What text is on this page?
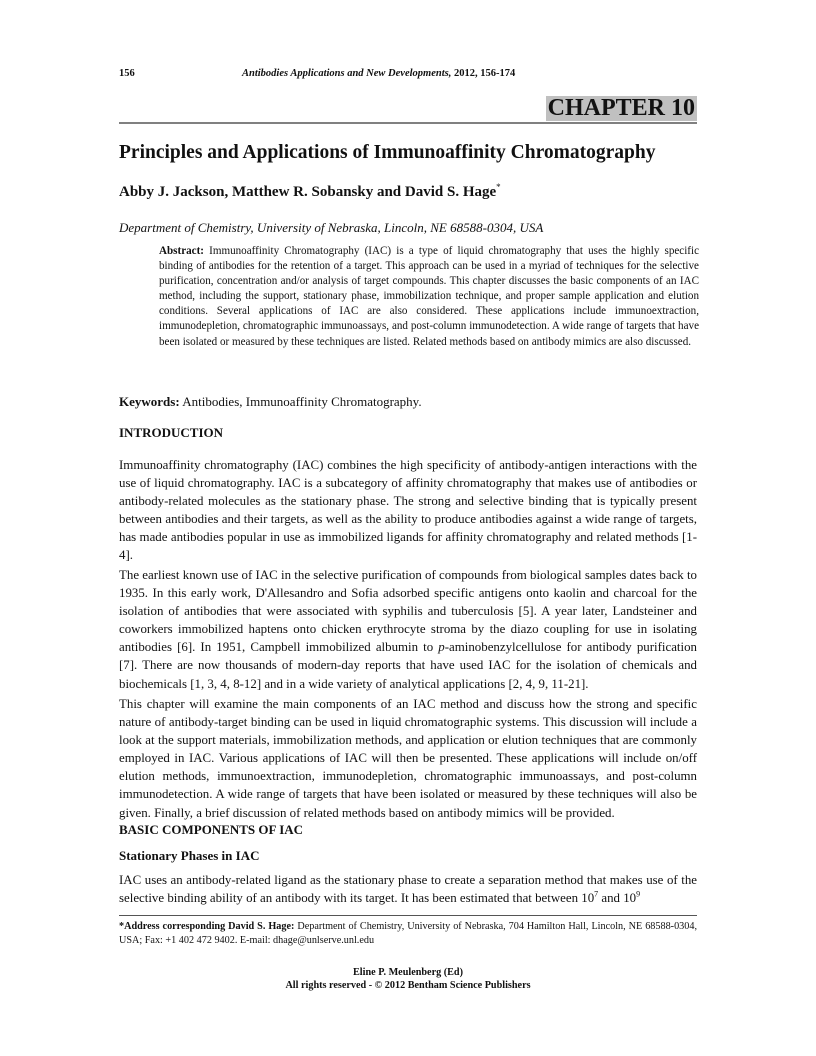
156	Antibodies Applications and New Developments, 2012, 156-174
CHAPTER 10
Principles and Applications of Immunoaffinity Chromatography
Abby J. Jackson, Matthew R. Sobansky and David S. Hage*
Department of Chemistry, University of Nebraska, Lincoln, NE 68588-0304, USA
Abstract: Immunoaffinity Chromatography (IAC) is a type of liquid chromatography that uses the highly specific binding of antibodies for the retention of a target. This approach can be used in a myriad of techniques for the selective purification, concentration and/or analysis of target compounds. This chapter discusses the basic components of an IAC method, including the support, stationary phase, immobilization technique, and proper sample application and elution conditions. Several applications of IAC are also considered. These applications include immunoextraction, immunodepletion, chromatographic immunoassays, and post-column immunodetection. A wide range of targets that have been isolated or measured by these techniques are listed. Related methods based on antibody mimics are also discussed.
Keywords: Antibodies, Immunoaffinity Chromatography.
INTRODUCTION
Immunoaffinity chromatography (IAC) combines the high specificity of antibody-antigen interactions with the use of liquid chromatography. IAC is a subcategory of affinity chromatography that makes use of antibodies or antibody-related molecules as the stationary phase. The strong and selective binding that is typically present between antibodies and their targets, as well as the ability to produce antibodies against a wide range of targets, has made antibodies popular in use as immobilized ligands for affinity chromatography and related methods [1-4].
The earliest known use of IAC in the selective purification of compounds from biological samples dates back to 1935. In this early work, D'Allesandro and Sofia adsorbed specific antigens onto kaolin and charcoal for the isolation of antibodies that were associated with syphilis and tuberculosis [5]. A year later, Landsteiner and coworkers immobilized haptens onto chicken erythrocyte stroma by the diazo coupling for use in isolating antibodies [6]. In 1951, Campbell immobilized albumin to p-aminobenzylcellulose for antibody purification [7]. There are now thousands of modern-day reports that have used IAC for the isolation of chemicals and biochemicals [1, 3, 4, 8-12] and in a wide variety of analytical applications [2, 4, 9, 11-21].
This chapter will examine the main components of an IAC method and discuss how the strong and specific nature of antibody-target binding can be used in liquid chromatographic systems. This discussion will include a look at the support materials, immobilization methods, and application or elution techniques that are commonly employed in IAC. Various applications of IAC will then be presented. These applications will include on/off elution methods, immunoextraction, immunodepletion, chromatographic immunoassays, and post-column immunodetection. A wide range of targets that have been isolated or measured by these techniques will also be given. Finally, a brief discussion of related methods based on antibody mimics will be provided.
BASIC COMPONENTS OF IAC
Stationary Phases in IAC
IAC uses an antibody-related ligand as the stationary phase to create a separation method that makes use of the selective binding ability of an antibody with its target. It has been estimated that between $10^7$ and $10^9$
*Address corresponding David S. Hage: Department of Chemistry, University of Nebraska, 704 Hamilton Hall, Lincoln, NE 68588-0304, USA; Fax: +1 402 472 9402. E-mail: dhage@unlserve.unl.edu
Eline P. Meulenberg (Ed)
All rights reserved - © 2012 Bentham Science Publishers
